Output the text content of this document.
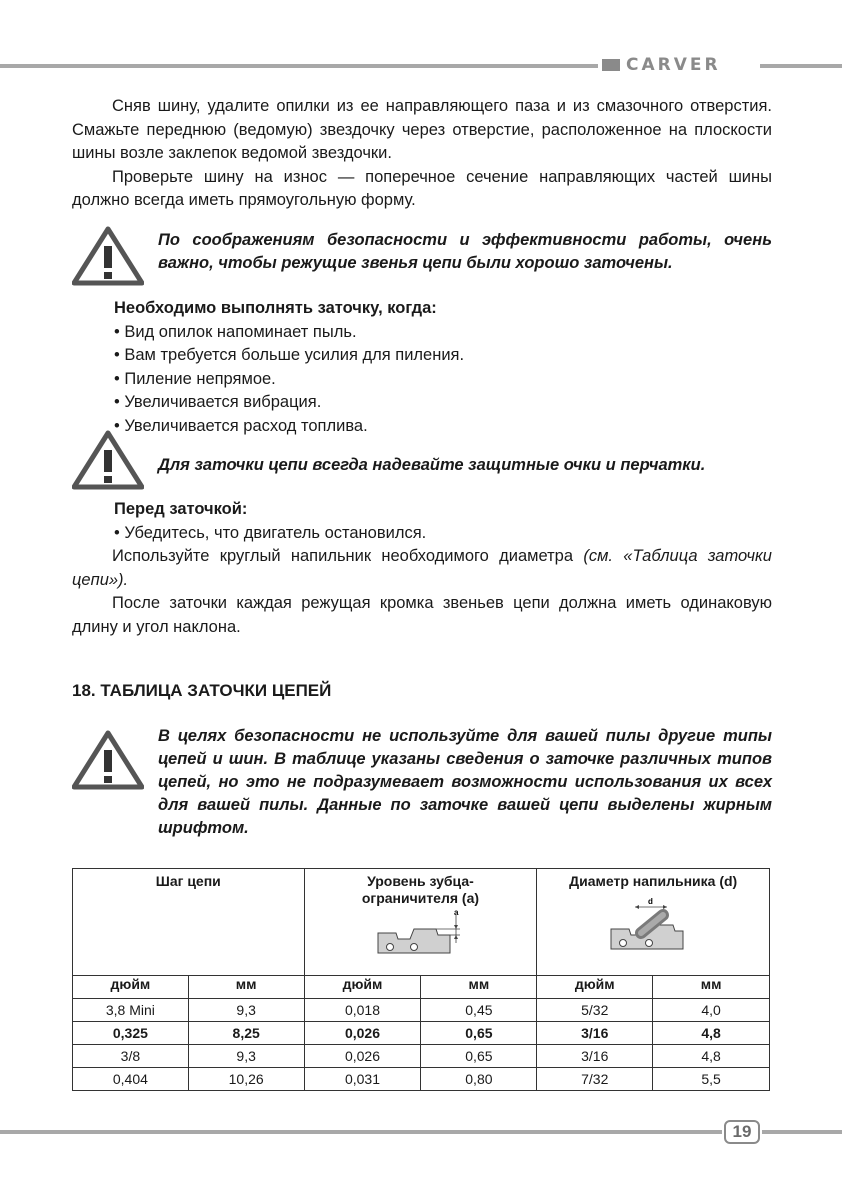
CARVER

Сняв шину, удалите опилки из ее направляющего паза и из смазочного отверстия. Смажьте переднюю (ведомую) звездочку через отверстие, расположенное на плоскости шины возле заклепок ведомой звездочки.

Проверьте шину на износ — поперечное сечение направляющих частей шины должно всегда иметь прямоугольную форму.

По соображениям безопасности и эффективности работы, очень важно, чтобы режущие звенья цепи были хорошо заточены.

Необходимо выполнять заточку, когда:

• Вид опилок напоминает пыль.

• Вам требуется больше усилия для пиления.

• Пиление непрямое.

• Увеличивается вибрация.

• Увеличивается расход топлива.

Для заточки цепи всегда надевайте защитные очки и перчатки.

Перед заточкой:

• Убедитесь, что двигатель остановился.

Используйте круглый напильник необходимого диаметра (см. «Таблица заточки цепи»).

После заточки каждая режущая кромка звеньев цепи должна иметь одинаковую длину и угол наклона.

18. ТАБЛИЦА ЗАТОЧКИ ЦЕПЕЙ
В целях безопасности не используйте для вашей пилы другие типы цепей и шин. В таблице указаны сведения о заточке различных типов цепей, но это не подразумевает возможности использования их всех для вашей пилы. Данные по заточке вашей цепи выделены жирным шрифтом.
Шаг цепи		Уровень зубца-ограничителя (a)
a		Диаметр напильника (d)
d	

дюйм	мм	дюйм	мм	дюйм	мм
3,8 Mini	9,3	0,018	0,45	5/32	4,0
0,325	8,25	0,026	0,65	3/16	4,8
3/8	9,3	0,026	0,65	3/16	4,8
0,404	10,26	0,031	0,80	7/32	5,5
19
